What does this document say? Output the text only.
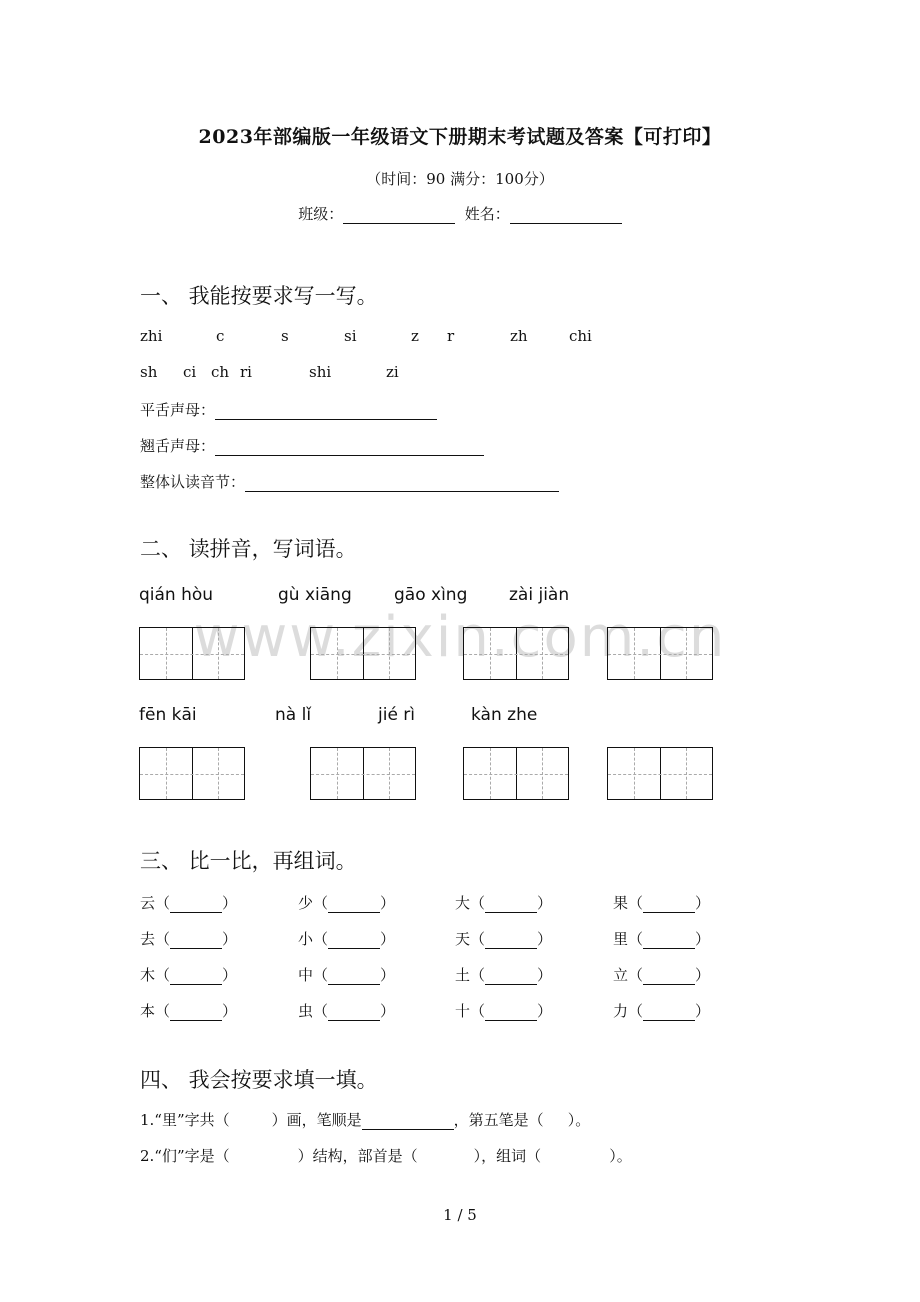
2023年部编版一年级语文下册期末考试题及答案【可打印】
（时间：90 满分：100分）
班级：	姓名：
www.zixin.com.cn
一、 我能按要求写一写。
zhi	c	s	si	z r	zh	chi
sh ci ch ri	shi	zi
平舌声母：
翘舌声母：
整体认读音节：
二、 读拼音，写词语。
qián hòu	gù xiāng gāo xìng zài jiàn
fēn kāi	nà lǐ	jié rì	kàn zhe
三、 比一比，再组词。
云（	）	少（	）	大（	）	果（	）
去（	）	小（	）	天（	）	里（	）
木（	）	中（	）	土（	）	立（	）
本（	）	虫（	）	十（	）	力（	）
四、 我会按要求填一填。
1.“里”字共（	）画，笔顺是	，第五笔是（ ）。
2.“们”字是（	）结构，部首是（	），组词（	）。
1 / 5
